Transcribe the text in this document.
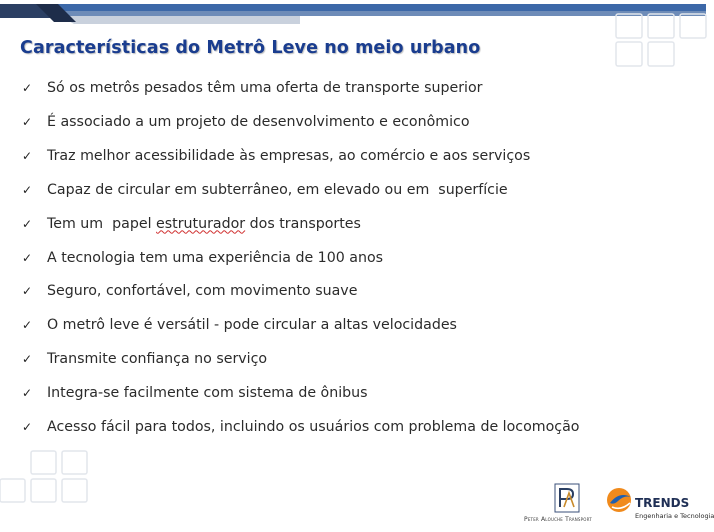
Características do Metrô Leve no meio urbano
✓ Só os metrôs pesados têm uma oferta de transporte superior
✓ É associado a um projeto de desenvolvimento e econômico
✓ Traz melhor acessibilidade às empresas, ao comércio e aos serviços
✓ Capaz de circular em subterrâneo, em elevado ou em  superfície
✓ Tem um  papel estruturador dos transportes
✓ A tecnologia tem uma experiência de 100 anos
✓ Seguro, confortável, com movimento suave
✓ O metrô leve é versátil - pode circular a altas velocidades
✓ Transmite confiança no serviço
✓ Integra-se facilmente com sistema de ônibus
✓ Acesso fácil para todos, incluindo os usuários com problema de locomoção
Peter Alouche Transport
TRENDS
Engenharia e Tecnologia
